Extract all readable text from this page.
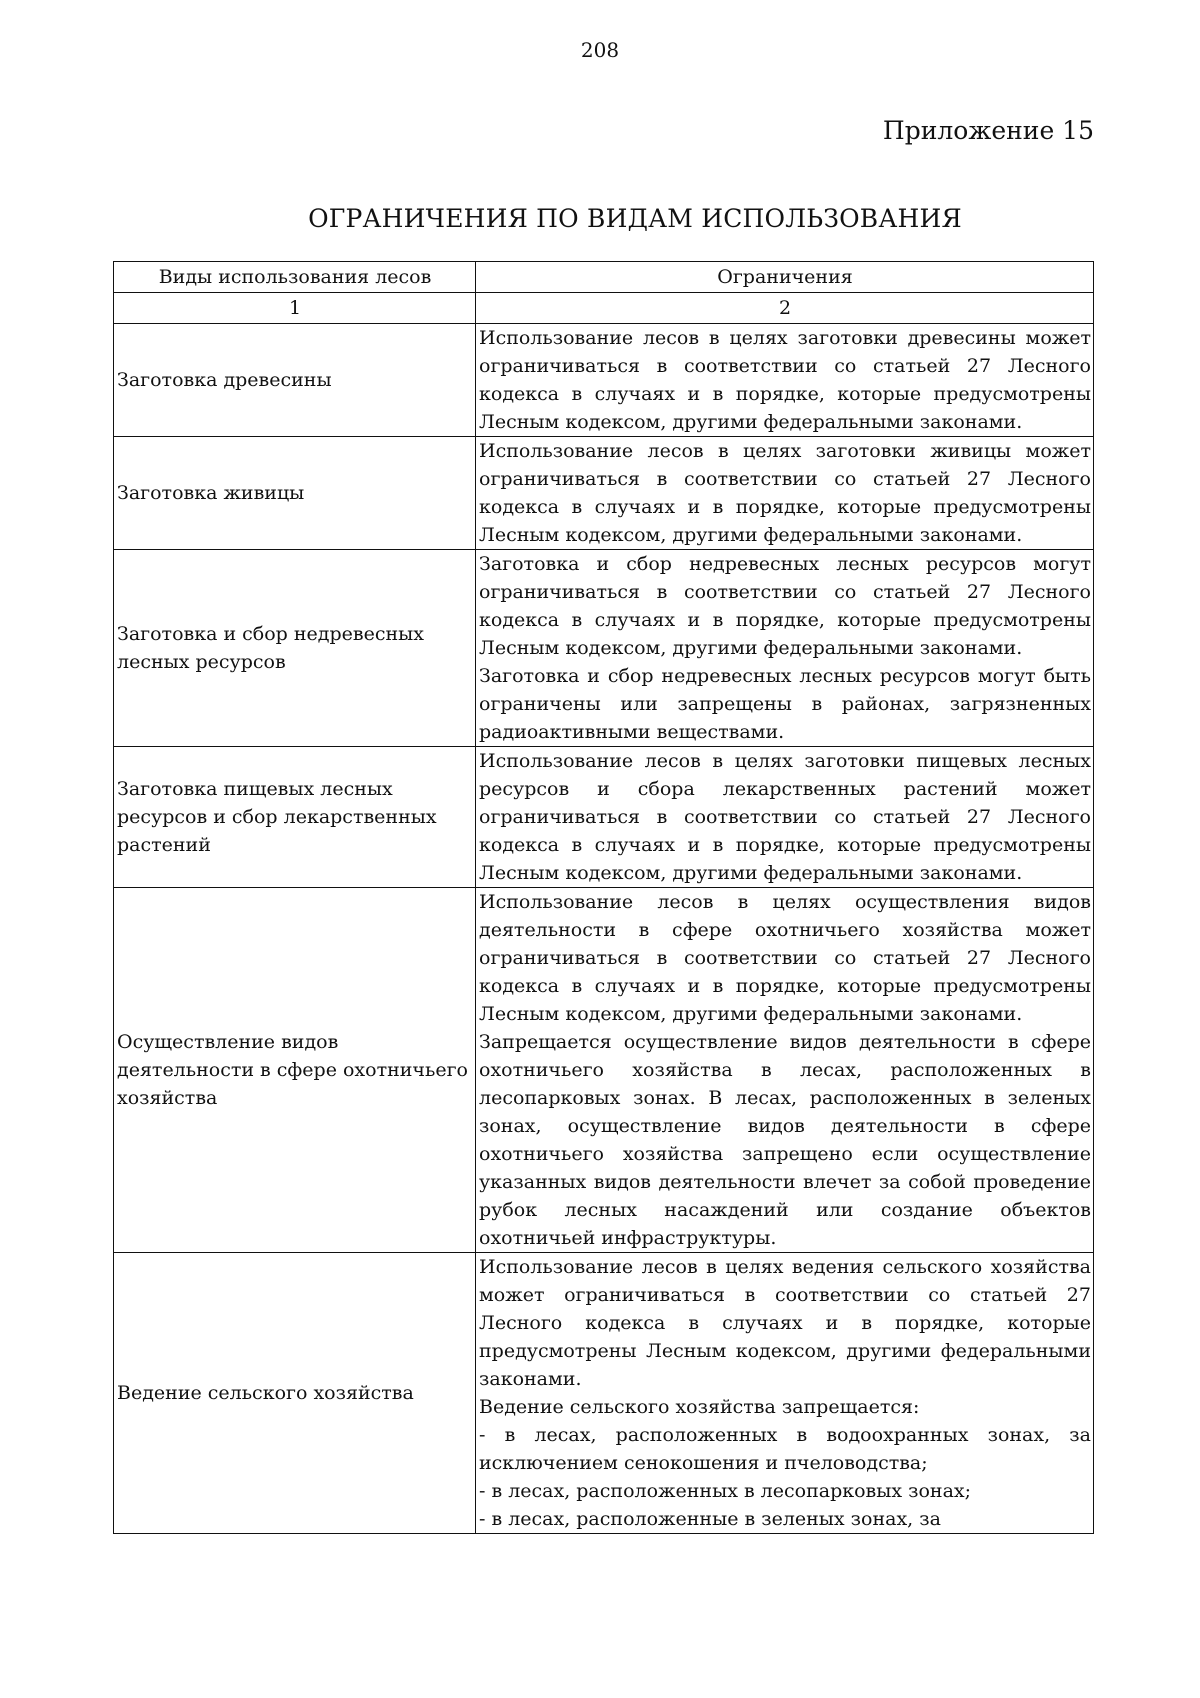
208
Приложение 15
ОГРАНИЧЕНИЯ ПО ВИДАМ ИСПОЛЬЗОВАНИЯ
Виды использования лесов	Ограничения
1	2
Заготовка древесины	Использование лесов в целях заготовки древесины может ограничиваться в соответствии со статьей 27 Лесного кодекса в случаях и в порядке, которые предусмотрены Лесным кодексом, другими федеральными законами.

Заготовка живицы	Использование лесов в целях заготовки живицы может ограничиваться в соответствии со статьей 27 Лесного кодекса в случаях и в порядке, которые предусмотрены Лесным кодексом, другими федеральными законами.

Заготовка и сбор недревесных лесных ресурсов	Заготовка и сбор недревесных лесных ресурсов могут ограничиваться в соответствии со статьей 27 Лесного кодекса в случаях и в порядке, которые предусмотрены Лесным кодексом, другими федеральными законами.
Заготовка и сбор недревесных лесных ресурсов могут быть ограничены или запрещены в районах, загрязненных радиоактивными веществами.

Заготовка пищевых лесных ресурсов и сбор лекарственных растений	Использование лесов в целях заготовки пищевых лесных ресурсов и сбора лекарственных растений может ограничиваться в соответствии со статьей 27 Лесного кодекса в случаях и в порядке, которые предусмотрены Лесным кодексом, другими федеральными законами.

Осуществление видов деятельности в сфере охотничьего хозяйства	Использование лесов в целях осуществления видов деятельности в сфере охотничьего хозяйства может ограничиваться в соответствии со статьей 27 Лесного кодекса в случаях и в порядке, которые предусмотрены Лесным кодексом, другими федеральными законами.
Запрещается осуществление видов деятельности в сфере охотничьего хозяйства в лесах, расположенных в лесопарковых зонах. В лесах, расположенных в зеленых зонах, осуществление видов деятельности в сфере охотничьего хозяйства запрещено если осуществление указанных видов деятельности влечет за собой проведение рубок лесных насаждений или создание объектов охотничьей инфраструктуры.

Ведение сельского хозяйства	Использование лесов в целях ведения сельского хозяйства может ограничиваться в соответствии со статьей 27 Лесного кодекса в случаях и в порядке, которые предусмотрены Лесным кодексом, другими федеральными законами.
Ведение сельского хозяйства запрещается:
- в лесах, расположенных в водоохранных зонах, за исключением сенокошения и пчеловодства;
- в лесах, расположенных в лесопарковых зонах;
- в лесах, расположенные в зеленых зонах, за
